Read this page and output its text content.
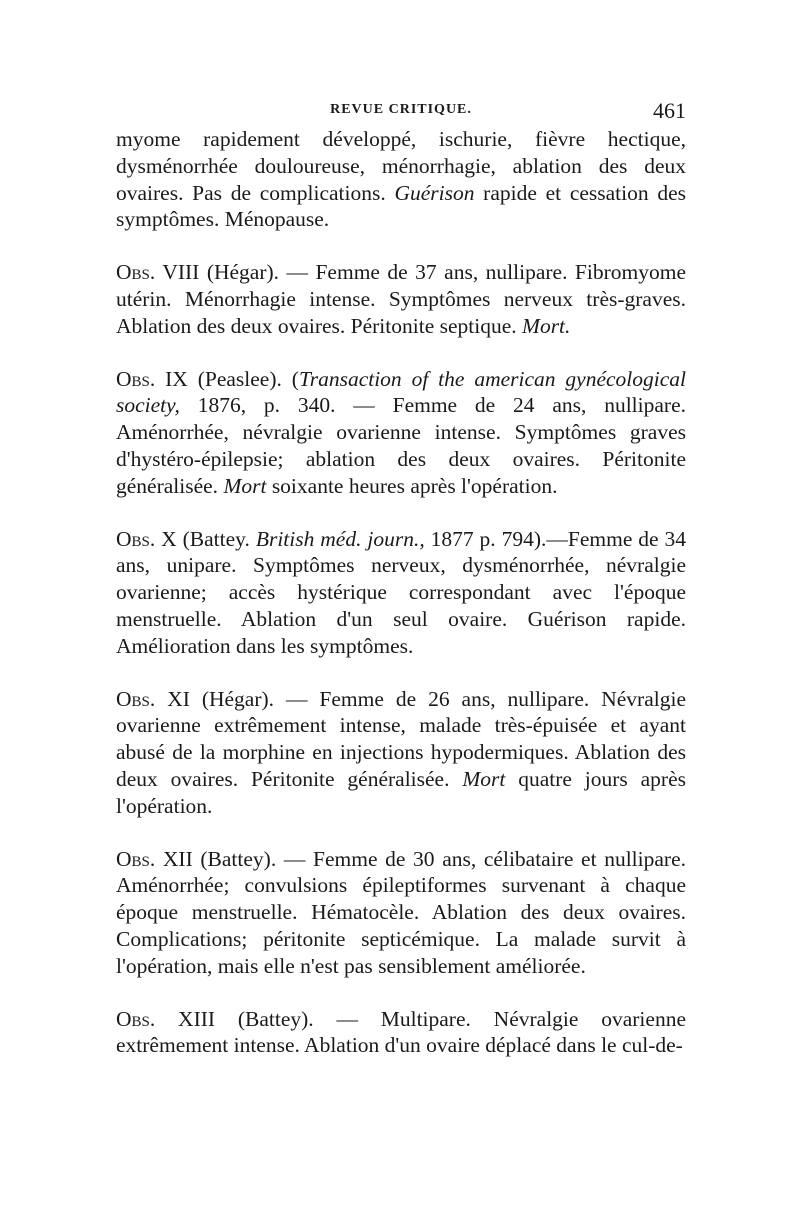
REVUE CRITIQUE.	461

myome rapidement développé, ischurie, fièvre hectique, dysménorrhée douloureuse, ménorrhagie, ablation des deux ovaires. Pas de complications. Guérison rapide et cessation des symptômes. Ménopause.

Obs. VIII (Hégar). — Femme de 37 ans, nullipare. Fibromyome utérin. Ménorrhagie intense. Symptômes nerveux très-graves. Ablation des deux ovaires. Péritonite septique. Mort.

Obs. IX (Peaslee). (Transaction of the american gynécological society, 1876, p. 340. — Femme de 24 ans, nullipare. Aménorrhée, névralgie ovarienne intense. Symptômes graves d'hystéro-épilepsie; ablation des deux ovaires. Péritonite généralisée. Mort soixante heures après l'opération.

Obs. X (Battey. British méd. journ., 1877 p. 794).—Femme de 34 ans, unipare. Symptômes nerveux, dysménorrhée, névralgie ovarienne; accès hystérique correspondant avec l'époque menstruelle. Ablation d'un seul ovaire. Guérison rapide. Amélioration dans les symptômes.

Obs. XI (Hégar). — Femme de 26 ans, nullipare. Névralgie ovarienne extrêmement intense, malade très-épuisée et ayant abusé de la morphine en injections hypodermiques. Ablation des deux ovaires. Péritonite généralisée. Mort quatre jours après l'opération.

Obs. XII (Battey). — Femme de 30 ans, célibataire et nullipare. Aménorrhée; convulsions épileptiformes survenant à chaque époque menstruelle. Hématocèle. Ablation des deux ovaires. Complications; péritonite septicémique. La malade survit à l'opération, mais elle n'est pas sensiblement améliorée.

Obs. XIII (Battey). — Multipare. Névralgie ovarienne extrêmement intense. Ablation d'un ovaire déplacé dans le cul-de-
